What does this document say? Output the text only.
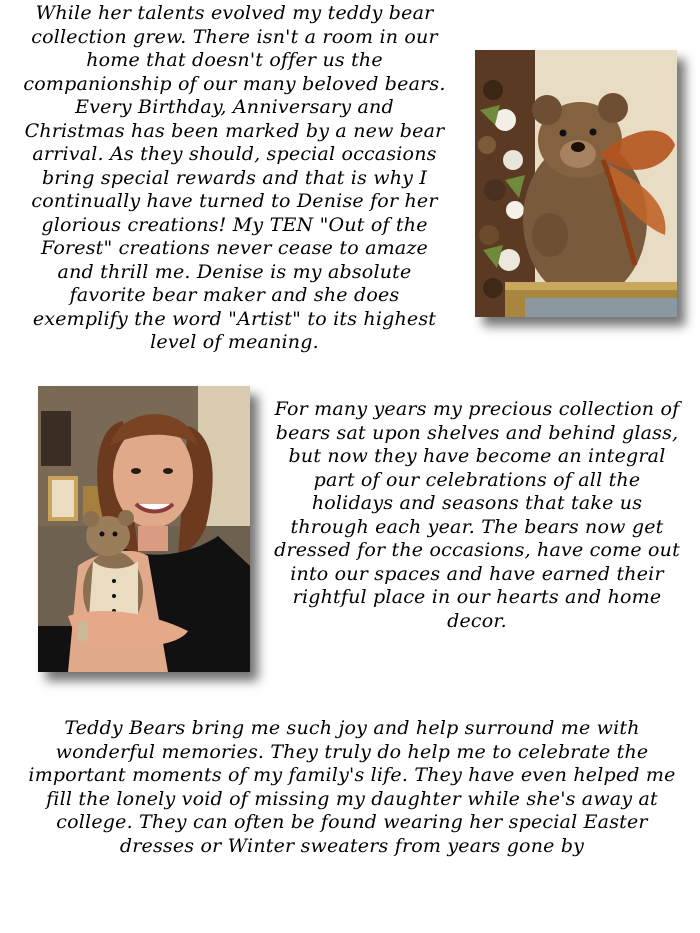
While her talents evolved my teddy bear collection grew. There isn't a room in our home that doesn't offer us the companionship of our many beloved bears. Every Birthday, Anniversary and Christmas has been marked by a new bear arrival. As they should, special occasions bring special rewards and that is why I continually have turned to Denise for her glorious creations! My TEN "Out of the Forest" creations never cease to amaze and thrill me. Denise is my absolute favorite bear maker and she does exemplify the word "Artist" to its highest level of meaning.
For many years my precious collection of bears sat upon shelves and behind glass, but now they have become an integral part of our celebrations of all the holidays and seasons that take us through each year. The bears now get dressed for the occasions, have come out into our spaces and have earned their rightful place in our hearts and home decor.
Teddy Bears bring me such joy and help surround me with wonderful memories. They truly do help me to celebrate the important moments of my family's life. They have even helped me fill the lonely void of missing my daughter while she's away at college. They can often be found wearing her special Easter dresses or Winter sweaters from years gone by
